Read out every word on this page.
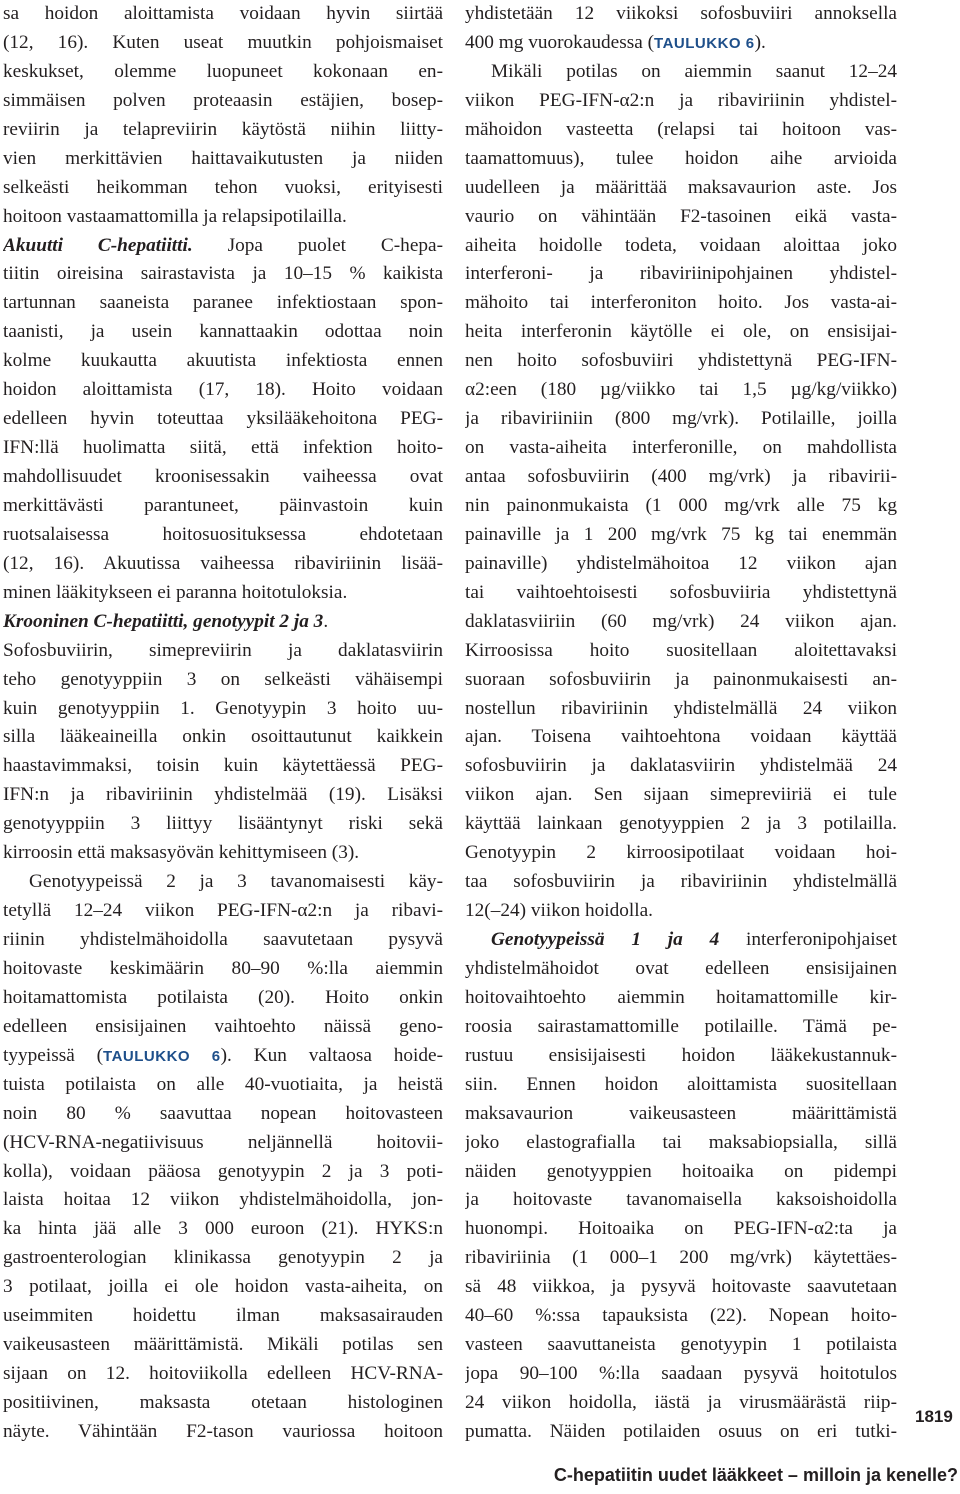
sa hoidon aloittamista voidaan hyvin siirtää
(12, 16). Kuten useat muutkin pohjoismaiset
keskukset, olemme luopuneet kokonaan en-
simmäisen polven proteaasin estäjien, bosep-
reviirin ja telapreviirin käytöstä niihin liitty-
vien merkittävien haittavaikutusten ja niiden
selkeästi heikomman tehon vuoksi, erityisesti
hoitoon vastaamattomilla ja relapsipotilailla.
Akuutti C-hepatiitti. Jopa puolet C-hepa-
tiitin oireisina sairastavista ja 10–15 % kaikista
tartunnan saaneista paranee infektiostaan spon-
taanisti, ja usein kannattaakin odottaa noin
kolme kuukautta akuutista infektiosta ennen
hoidon aloittamista (17, 18). Hoito voidaan
edelleen hyvin toteuttaa yksilääkehoitona PEG-
IFN:llä huolimatta siitä, että infektion hoito-
mahdollisuudet kroonisessakin vaiheessa ovat
merkittävästi parantuneet, päinvastoin kuin
ruotsalaisessa hoitosuosituksessa ehdotetaan
(12, 16). Akuutissa vaiheessa ribaviriinin lisää-
minen lääkitykseen ei paranna hoitotuloksia.
Krooninen C-hepatiitti, genotyypit 2 ja 3.
Sofosbuviirin, simepreviirin ja daklatasviirin
teho genotyyppiin 3 on selkeästi vähäisempi
kuin genotyyppiin 1. Genotyypin 3 hoito uu-
silla lääkeaineilla onkin osoittautunut kaikkein
haastavimmaksi, toisin kuin käytettäessä PEG-
IFN:n ja ribaviriinin yhdistelmää (19). Lisäksi
genotyyppiin 3 liittyy lisääntynyt riski sekä
kirroosin että maksasyövän kehittymiseen (3).
Genotyypeissä 2 ja 3 tavanomaisesti käy-
tetyllä 12–24 viikon PEG-IFN-α2:n ja ribavi-
riinin yhdistelmähoidolla saavutetaan pysyvä
hoitovaste keskimäärin 80–90 %:lla aiemmin
hoitamattomista potilaista (20). Hoito onkin
edelleen ensisijainen vaihtoehto näissä geno-
tyypeissä (TAULUKKO 6). Kun valtaosa hoide-
tuista potilaista on alle 40-vuotiaita, ja heistä
noin 80 % saavuttaa nopean hoitovasteen
(HCV-RNA-negatiivisuus neljännellä hoitovii-
kolla), voidaan pääosa genotyypin 2 ja 3 poti-
laista hoitaa 12 viikon yhdistelmähoidolla, jon-
ka hinta jää alle 3 000 euroon (21). HYKS:n
gastroenterologian klinikassa genotyypin 2 ja
3 potilaat, joilla ei ole hoidon vasta-aiheita, on
useimmiten hoidettu ilman maksasairauden
vaikeusasteen määrittämistä. Mikäli potilas sen
sijaan on 12. hoitoviikolla edelleen HCV-RNA-
positiivinen, maksasta otetaan histologinen
näyte. Vähintään F2-tason vauriossa hoitoon
yhdistetään 12 viikoksi sofosbuviiri annoksella
400 mg vuorokaudessa (TAULUKKO 6).
Mikäli potilas on aiemmin saanut 12–24
viikon PEG-IFN-α2:n ja ribaviriinin yhdistel-
mähoidon vasteetta (relapsi tai hoitoon vas-
taamattomuus), tulee hoidon aihe arvioida
uudelleen ja määrittää maksavaurion aste. Jos
vaurio on vähintään F2-tasoinen eikä vasta-
aiheita hoidolle todeta, voidaan aloittaa joko
interferoni- ja ribaviriinipohjainen yhdistel-
mähoito tai interferoniton hoito. Jos vasta-ai-
heita interferonin käytölle ei ole, on ensisijai-
nen hoito sofosbuviiri yhdistettynä PEG-IFN-
α2:een (180 µg/viikko tai 1,5 µg/kg/viikko)
ja ribaviriiniin (800 mg/vrk). Potilaille, joilla
on vasta-aiheita interferonille, on mahdollista
antaa sofosbuviirin (400 mg/vrk) ja ribavirii-
nin painonmukaista (1 000 mg/vrk alle 75 kg
painaville ja 1 200 mg/vrk 75 kg tai enemmän
painaville) yhdistelmähoitoa 12 viikon ajan
tai vaihtoehtoisesti sofosbuviiria yhdistettynä
daklatasviiriin (60 mg/vrk) 24 viikon ajan.
Kirroosissa hoito suositellaan aloitettavaksi
suoraan sofosbuviirin ja painonmukaisesti an-
nostellun ribaviriinin yhdistelmällä 24 viikon
ajan. Toisena vaihtoehtona voidaan käyttää
sofosbuviirin ja daklatasviirin yhdistelmää 24
viikon ajan. Sen sijaan simepreviiriä ei tule
käyttää lainkaan genotyyppien 2 ja 3 potilailla.
Genotyypin 2 kirroosipotilaat voidaan hoi-
taa sofosbuviirin ja ribaviriinin yhdistelmällä
12(–24) viikon hoidolla.
Genotyypeissä 1 ja 4 interferonipohjaiset
yhdistelmähoidot ovat edelleen ensisijainen
hoitovaihtoehto aiemmin hoitamattomille kir-
roosia sairastamattomille potilaille. Tämä pe-
rustuu ensisijaisesti hoidon lääkekustannuk-
siin. Ennen hoidon aloittamista suositellaan
maksavaurion vaikeusasteen määrittämistä
joko elastografialla tai maksabiopsialla, sillä
näiden genotyyppien hoitoaika on pidempi
ja hoitovaste tavanomaisella kaksoishoidolla
huonompi. Hoitoaika on PEG-IFN-α2:ta ja
ribaviriinia (1 000–1 200 mg/vrk) käytettäes-
sä 48 viikkoa, ja pysyvä hoitovaste saavutetaan
40–60 %:ssa tapauksista (22). Nopean hoito-
vasteen saavuttaneista genotyypin 1 potilaista
jopa 90–100 %:lla saadaan pysyvä hoitotulos
24 viikon hoidolla, iästä ja virusmäärästä riip-
pumatta. Näiden potilaiden osuus on eri tutki-
1819
C-hepatiitin uudet lääkkeet – milloin ja kenelle?
